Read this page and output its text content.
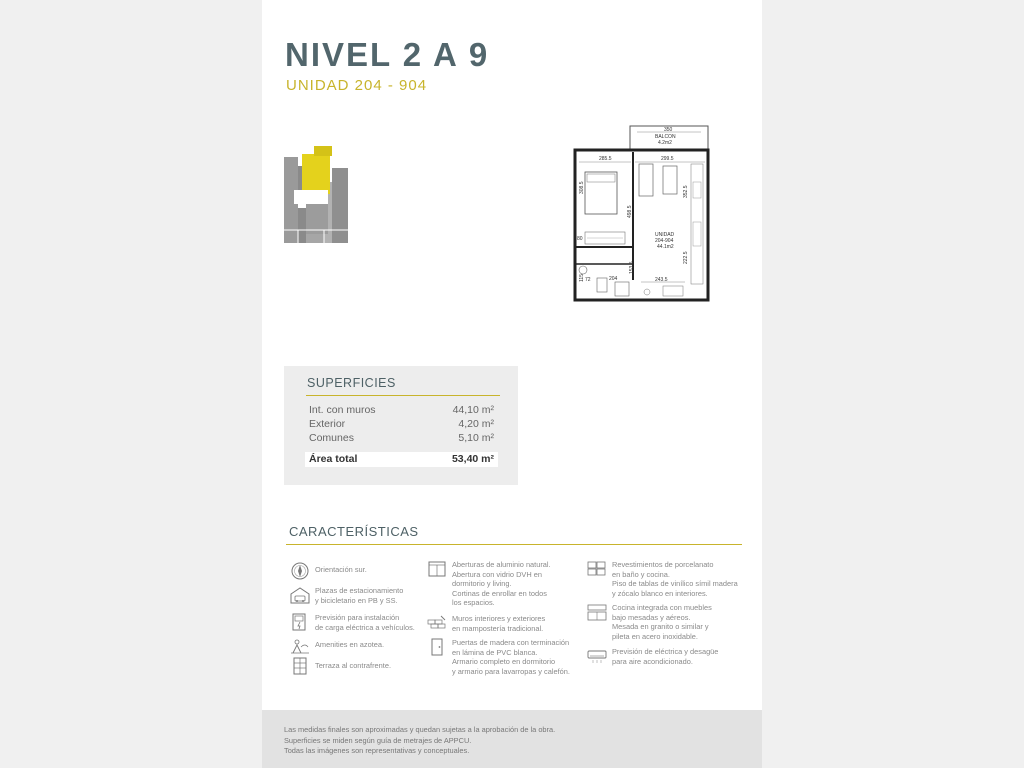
NIVEL 2 A 9
UNIDAD 204 - 904
350
BALCON
4.2m2
285.5	299.5
308.5
498.5
352.5
80
UNIDAD
204-904
44.1m2
222.5
204
153.5
115 72	243.5
SUPERFICIES
Int. con muros	44,10 m²
Exterior	4,20 m²
Comunes	5,10 m²
Área total	53,40 m²
CARACTERÍSTICAS
Orientación sur.
Plazas de estacionamiento
y bicicletario en PB y SS.
Previsión para instalación
de carga eléctrica a vehículos.
Amenities en azotea.
Terraza al contrafrente.
Aberturas de aluminio natural.
Abertura con vidrio DVH en
dormitorio y living.
Cortinas de enrollar en todos
los espacios.
Muros interiores y exteriores
en mampostería tradicional.
Puertas de madera con terminación
en lámina de PVC blanca.
Armario completo en dormitorio
y armario para lavarropas y calefón.
Revestimientos de porcelanato
en baño y cocina.
Piso de tablas de vinílico símil madera
y zócalo blanco en interiores.
Cocina integrada con muebles
bajo mesadas y aéreos.
Mesada en granito o similar y
pileta en acero inoxidable.
Previsión de eléctrica y desagüe
para aire acondicionado.
Las medidas finales son aproximadas y quedan sujetas a la aprobación de la obra.
Superficies se miden según guía de metrajes de APPCU.
Todas las imágenes son representativas y conceptuales.
